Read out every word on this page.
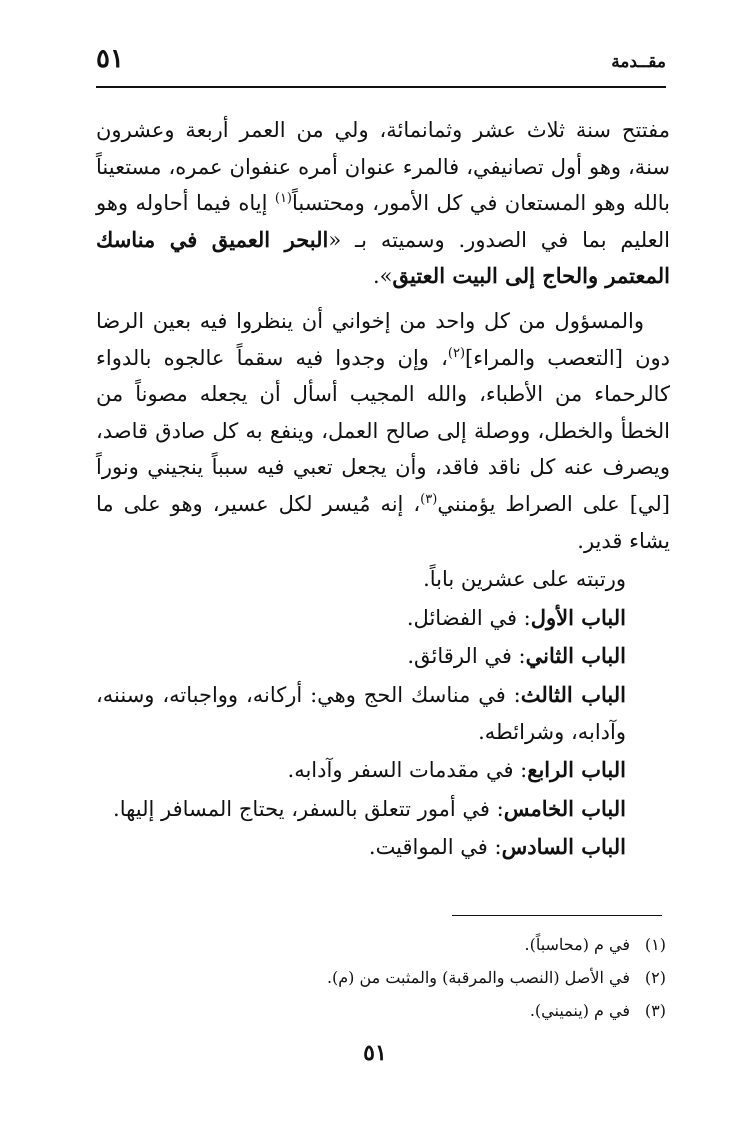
مقــدمة
٥١

مفتتح سنة ثلاث عشر وثمانمائة، ولي من العمر أربعة وعشرون سنة، وهو أول تصانيفي، فالمرء عنوان أمره عنفوان عمره، مستعيناً بالله وهو المستعان في كل الأمور، ومحتسباً$^{(١)}$ إياه فيما أحاوله وهو العليم بما في الصدور. وسميته بـ «البحر العميق في مناسك المعتمر والحاج إلى البيت العتيق».

والمسؤول من كل واحد من إخواني أن ينظروا فيه بعين الرضا دون [التعصب والمراء]$^{(٢)}$، وإن وجدوا فيه سقماً عالجوه بالدواء كالرحماء من الأطباء، والله المجيب أسأل أن يجعله مصوناً من الخطأ والخطل، ووصلة إلى صالح العمل، وينفع به كل صادق قاصد، ويصرف عنه كل ناقد فاقد، وأن يجعل تعبي فيه سبباً ينجيني ونوراً [لي] على الصراط يؤمنني$^{(٣)}$، إنه مُيسر لكل عسير، وهو على ما يشاء قدير.

ورتبته على عشرين باباً.

الباب الأول: في الفضائل.

الباب الثاني: في الرقائق.

الباب الثالث: في مناسك الحج وهي: أركانه، وواجباته، وسننه، وآدابه، وشرائطه.

الباب الرابع: في مقدمات السفر وآدابه.

الباب الخامس: في أمور تتعلق بالسفر، يحتاج المسافر إليها.

الباب السادس: في المواقيت.

(١)
في م (محاسباً).
(٢)
في الأصل (النصب والمرقبة) والمثبت من (م).
(٣)
في م (ينميني).
٥١
